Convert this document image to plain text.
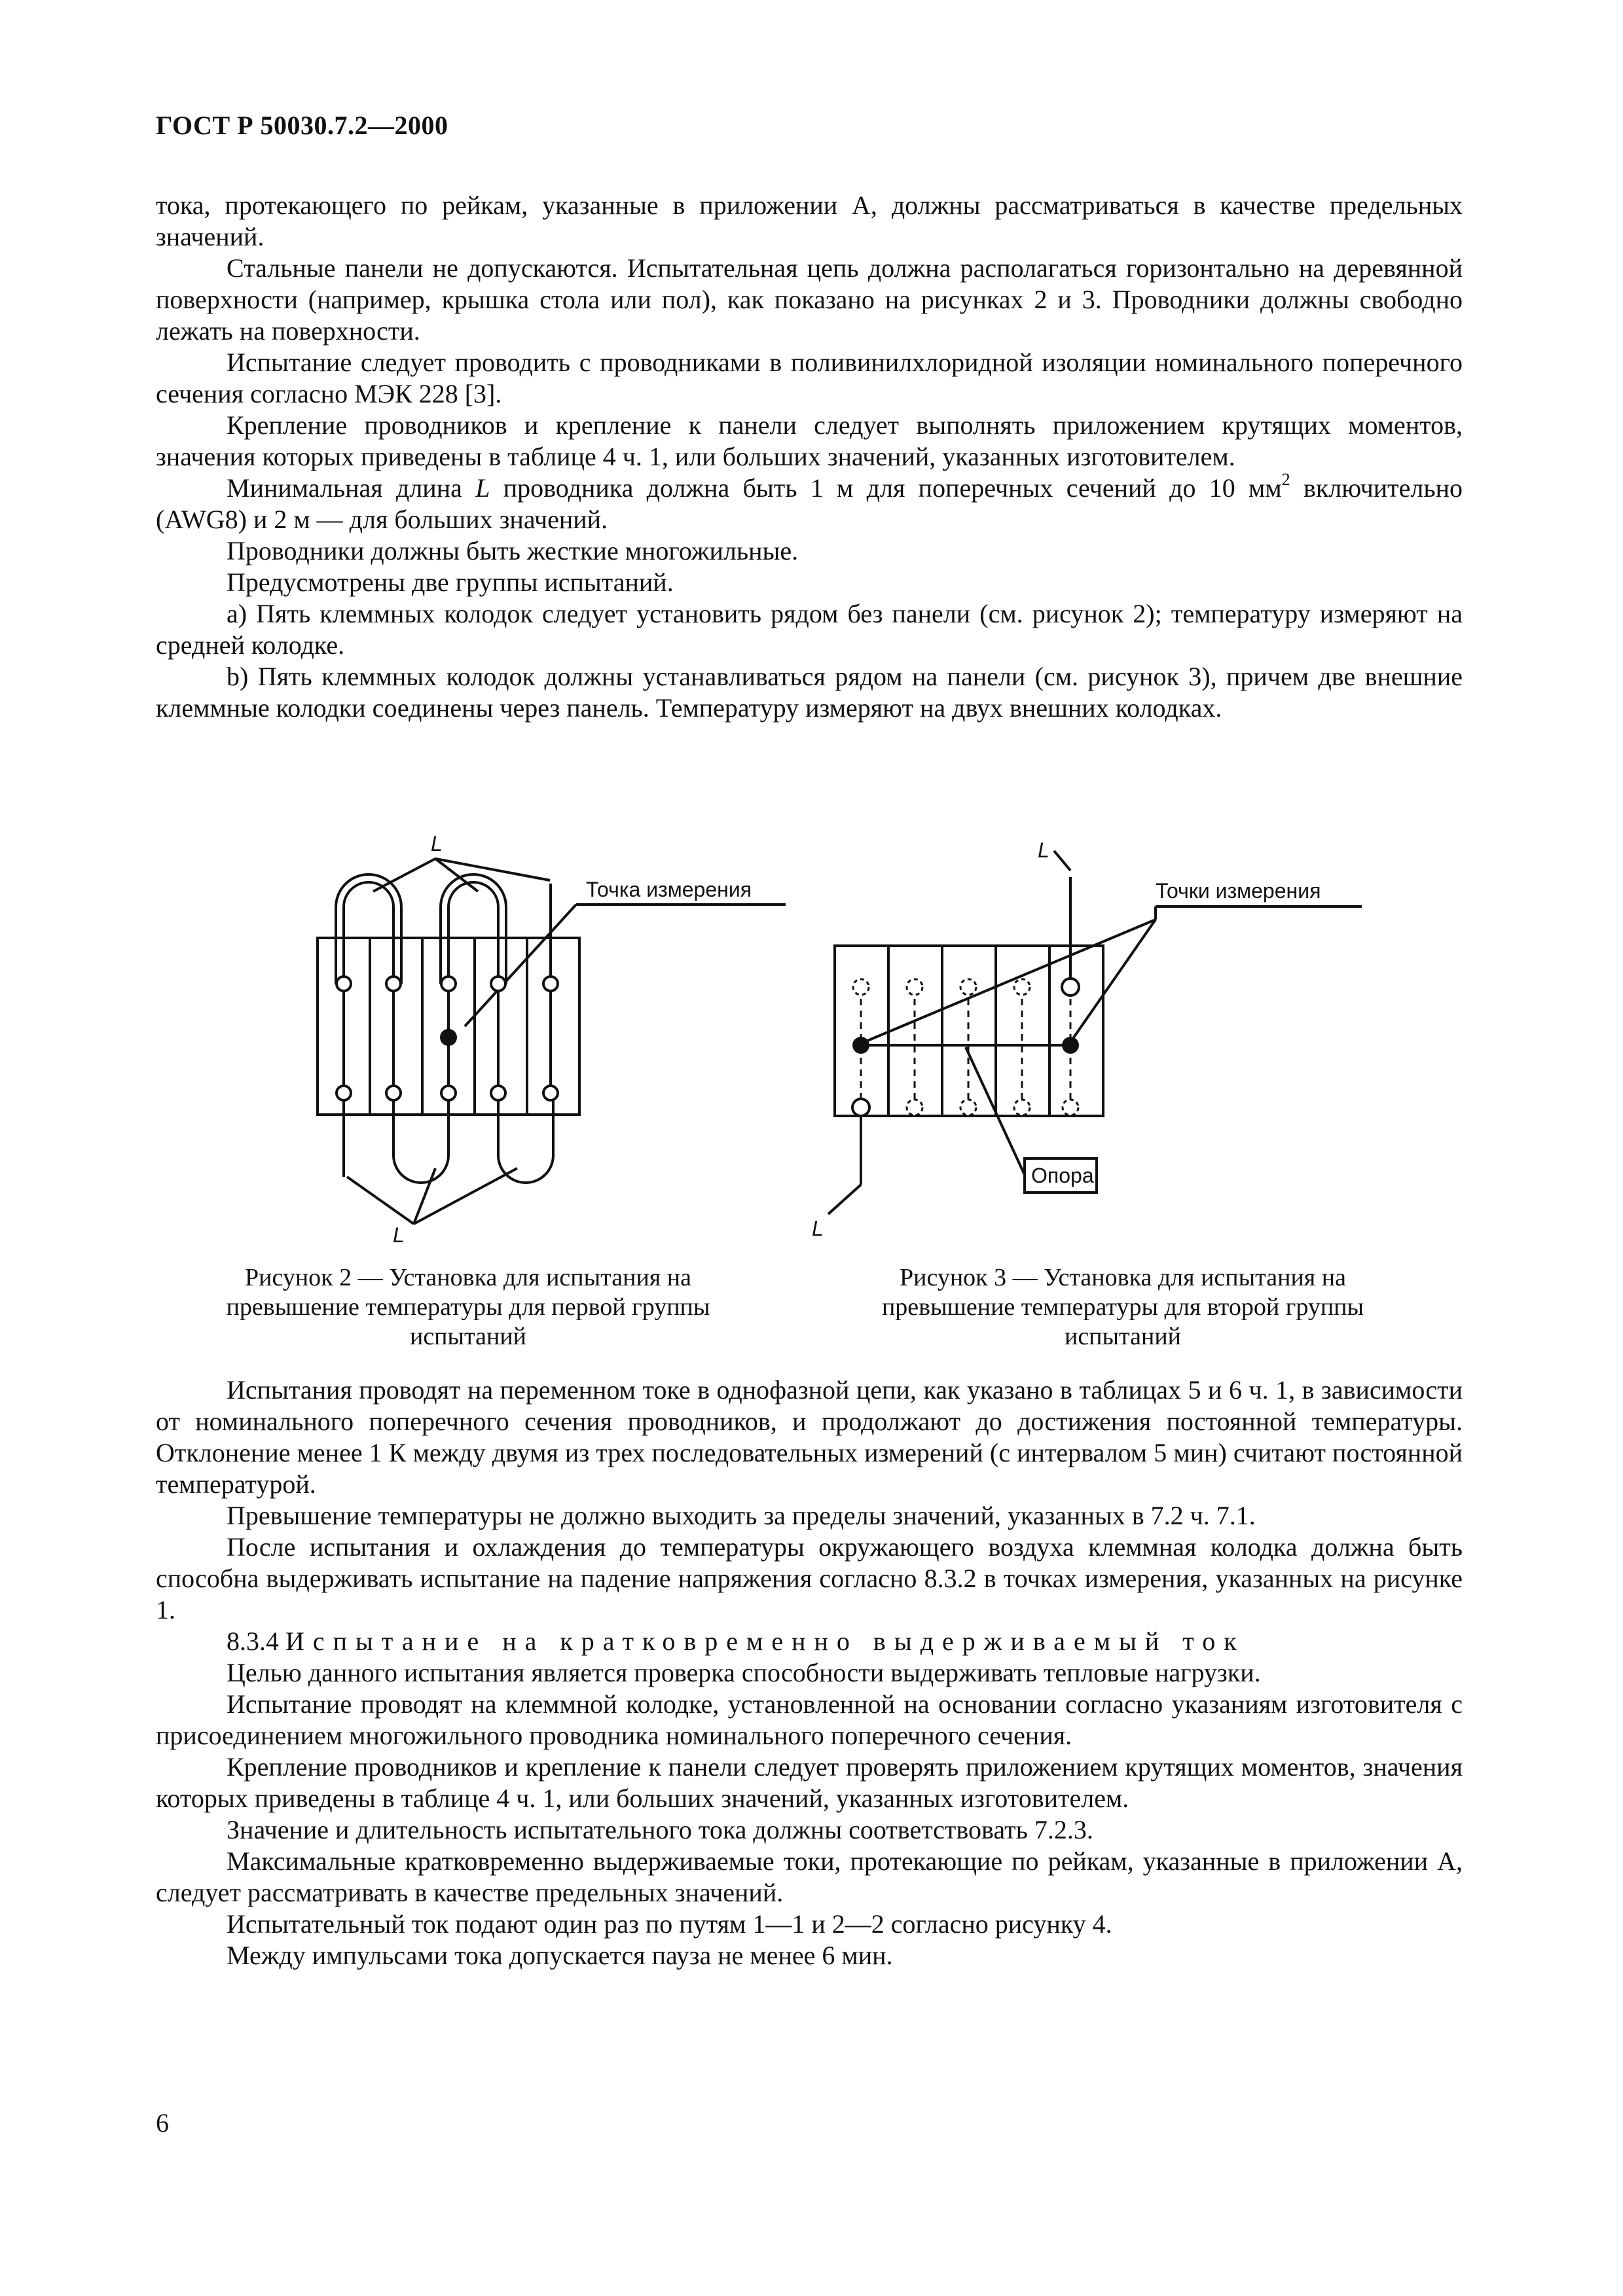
ГОСТ Р 50030.7.2—2000

тока, протекающего по рейкам, указанные в приложении А, должны рассматриваться в качестве предельных значений.

Стальные панели не допускаются. Испытательная цепь должна располагаться горизонтально на деревянной поверхности (например, крышка стола или пол), как показано на рисунках 2 и 3. Проводники должны свободно лежать на поверхности.

Испытание следует проводить с проводниками в поливинилхлоридной изоляции номинального поперечного сечения согласно МЭК 228 [3].

Крепление проводников и крепление к панели следует выполнять приложением крутящих моментов, значения которых приведены в таблице 4 ч. 1, или больших значений, указанных изготовителем.

Минимальная длина L проводника должна быть 1 м для поперечных сечений до 10 $мм^2$ включительно (AWG8) и 2 м — для больших значений.

Проводники должны быть жесткие многожильные.

Предусмотрены две группы испытаний.

а) Пять клеммных колодок следует установить рядом без панели (см. рисунок 2); температуру измеряют на средней колодке.

b) Пять клеммных колодок должны устанавливаться рядом на панели (см. рисунок 3), причем две внешние клеммные колодки соединены через панель. Температуру измеряют на двух внешних колодках.

L
L
Точка измерения
L
L
Точки измерения
Опора
Рисунок 2 — Установка для испытания на превышение температуры для первой группы испытаний
Рисунок 3 — Установка для испытания на превышение температуры для второй группы испытаний

Испытания проводят на переменном токе в однофазной цепи, как указано в таблицах 5 и 6 ч. 1, в зависимости от номинального поперечного сечения проводников, и продолжают до достижения постоянной температуры. Отклонение менее 1 К между двумя из трех последовательных измерений (с интервалом 5 мин) считают постоянной температурой.

Превышение температуры не должно выходить за пределы значений, указанных в 7.2 ч. 7.1.

После испытания и охлаждения до температуры окружающего воздуха клеммная колодка должна быть способна выдерживать испытание на падение напряжения согласно 8.3.2 в точках измерения, указанных на рисунке 1.

8.3.4 Испытание на кратковременно выдерживаемый ток

Целью данного испытания является проверка способности выдерживать тепловые нагрузки.

Испытание проводят на клеммной колодке, установленной на основании согласно указаниям изготовителя с присоединением многожильного проводника номинального поперечного сечения.

Крепление проводников и крепление к панели следует проверять приложением крутящих моментов, значения которых приведены в таблице 4 ч. 1, или больших значений, указанных изготовителем.

Значение и длительность испытательного тока должны соответствовать 7.2.3.

Максимальные кратковременно выдерживаемые токи, протекающие по рейкам, указанные в приложении А, следует рассматривать в качестве предельных значений.

Испытательный ток подают один раз по путям 1—1 и 2—2 согласно рисунку 4.

Между импульсами тока допускается пауза не менее 6 мин.

6
